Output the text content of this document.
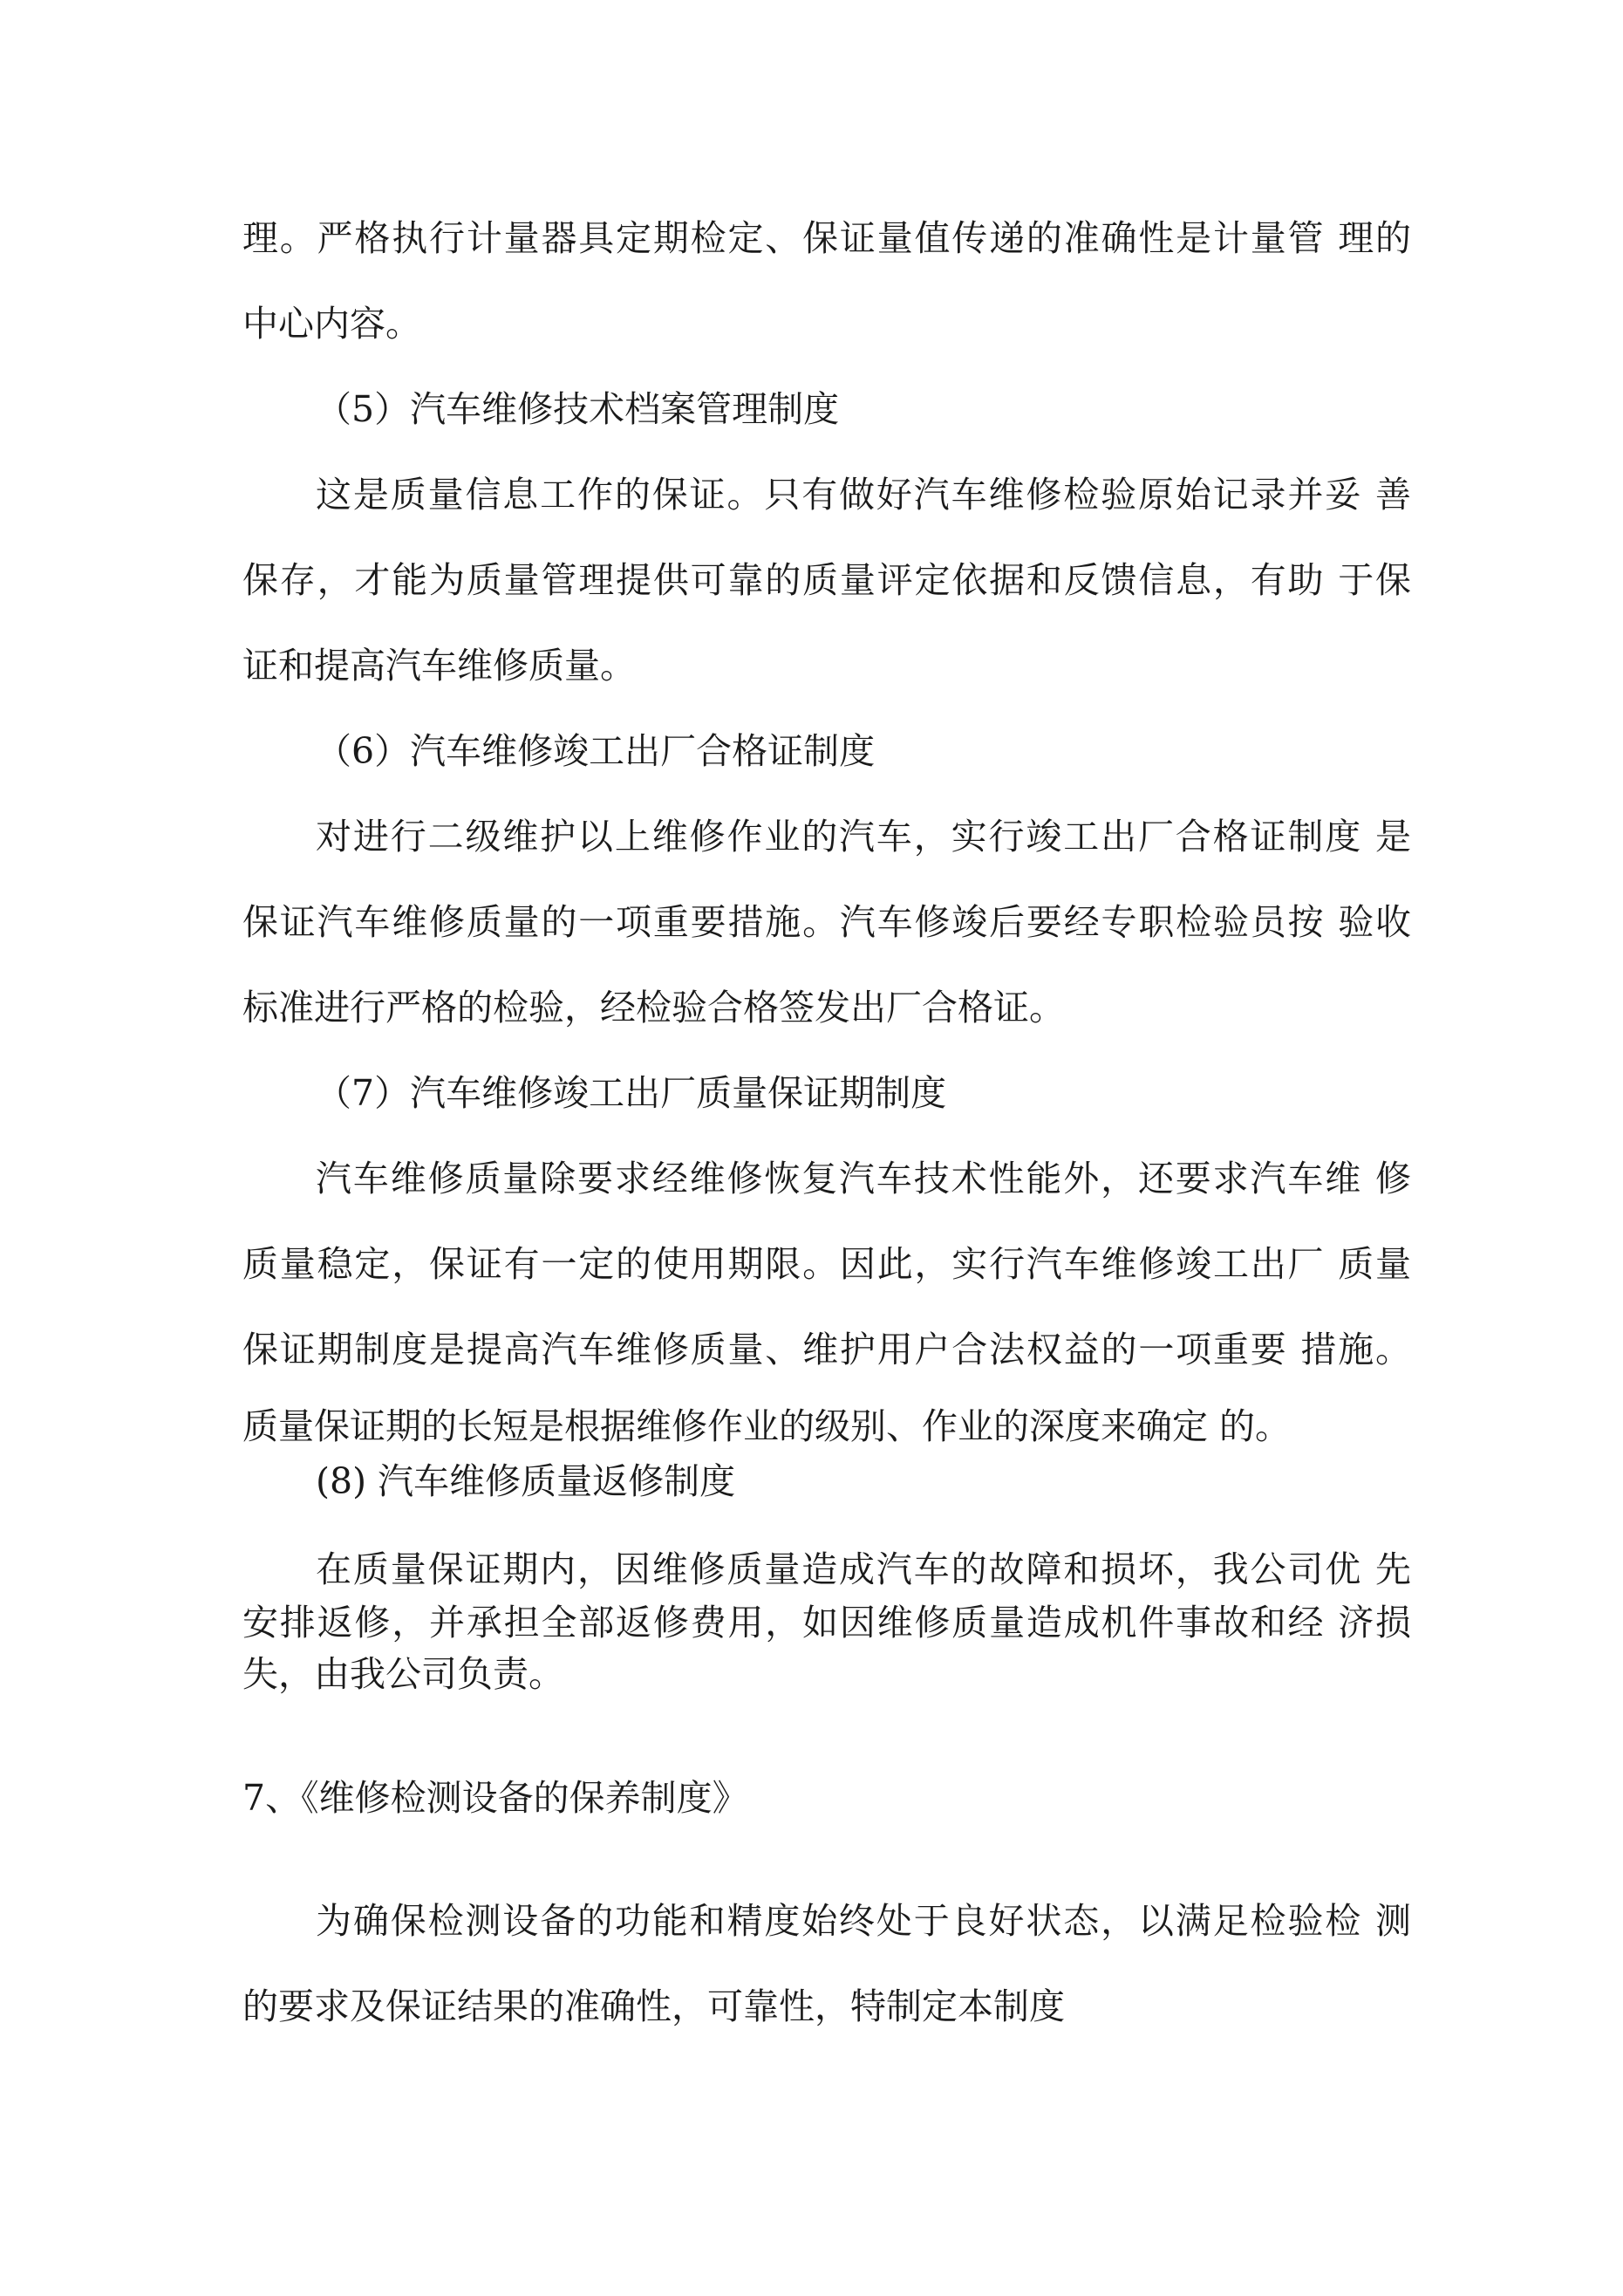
理。严格执行计量器具定期检定、保证量值传递的准确性是计量管 理的
中心内容。
（5）汽车维修技术档案管理制度
这是质量信息工作的保证。只有做好汽车维修检验原始记录并妥 善
保存，才能为质量管理提供可靠的质量评定依据和反馈信息，有助 于保
证和提高汽车维修质量。
（6）汽车维修竣工出厂合格证制度
对进行二级维护以上维修作业的汽车，实行竣工出厂合格证制度 是
保证汽车维修质量的一项重要措施。汽车修竣后要经专职检验员按 验收
标准进行严格的检验，经检验合格签发出厂合格证。
（7）汽车维修竣工出厂质量保证期制度
汽车维修质量除要求经维修恢复汽车技术性能外，还要求汽车维 修
质量稳定，保证有一定的使用期限。因此，实行汽车维修竣工出厂 质量
保证期制度是提高汽车维修质量、维护用户合法权益的一项重要 措施。
质量保证期的长短是根据维修作业的级别、作业的深度来确定 的。
(8) 汽车维修质量返修制度
在质量保证期内，因维修质量造成汽车的故障和损坏，我公司优 先
安排返修，并承担全部返修费用，如因维修质量造成机件事故和经 济损
失，由我公司负责。
7、《维修检测设备的保养制度》
为确保检测设备的功能和精度始终处于良好状态，以满足检验检 测
的要求及保证结果的准确性，可靠性，特制定本制度
